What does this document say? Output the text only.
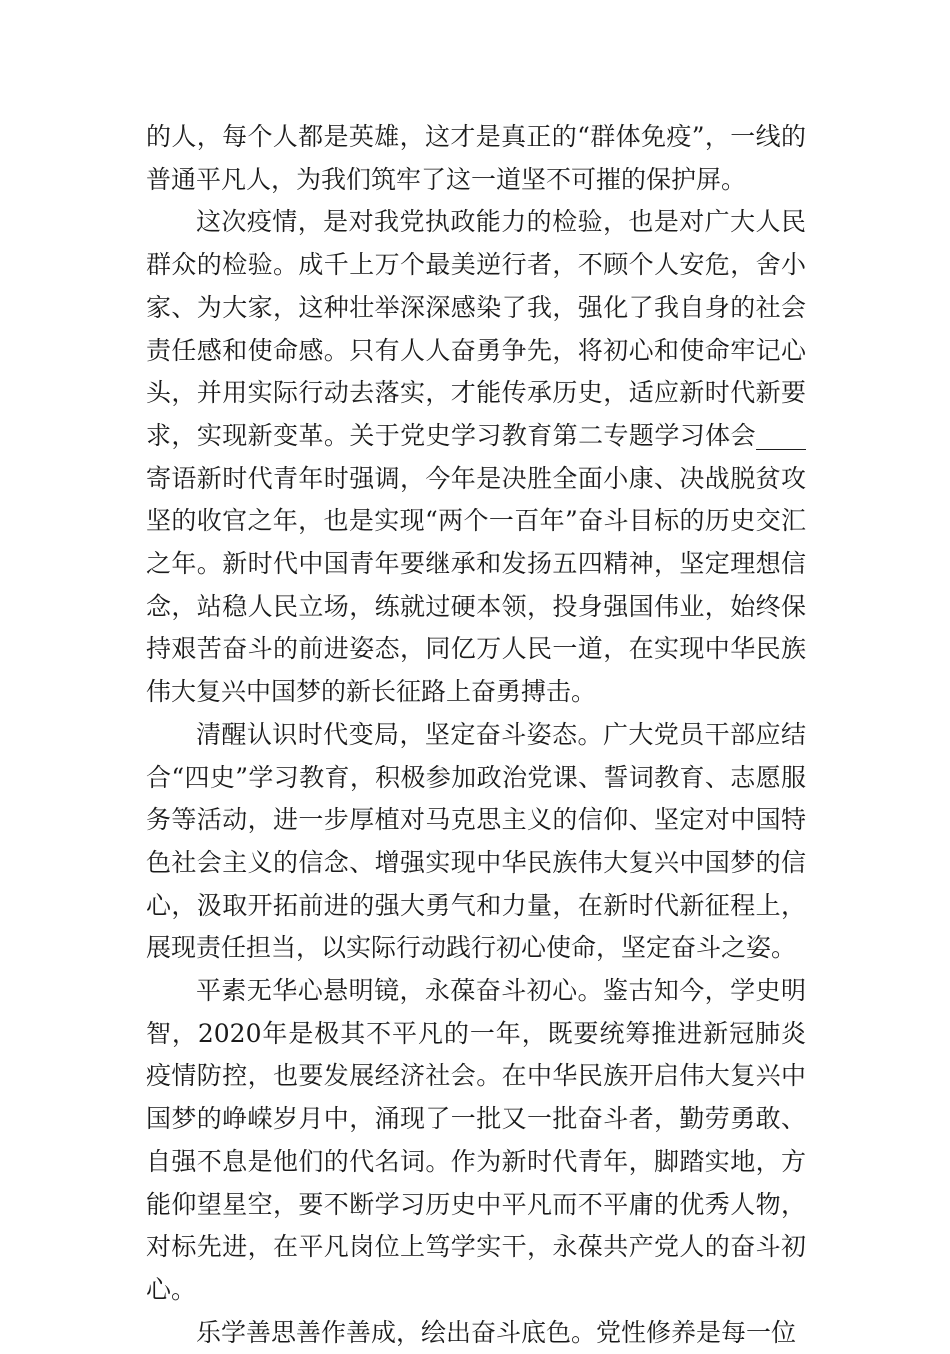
的人，每个人都是英雄，这才是真正的“群体免疫”，一线的普通平凡人，为我们筑牢了这一道坚不可摧的保护屏。

这次疫情，是对我党执政能力的检验，也是对广大人民群众的检验。成千上万个最美逆行者，不顾个人安危，舍小家、为大家，这种壮举深深感染了我，强化了我自身的社会责任感和使命感。只有人人奋勇争先，将初心和使命牢记心头，并用实际行动去落实，才能传承历史，适应新时代新要求，实现新变革。关于党史学习教育第二专题学习体会____寄语新时代青年时强调，今年是决胜全面小康、决战脱贫攻坚的收官之年，也是实现“两个一百年”奋斗目标的历史交汇之年。新时代中国青年要继承和发扬五四精神，坚定理想信念，站稳人民立场，练就过硬本领，投身强国伟业，始终保持艰苦奋斗的前进姿态，同亿万人民一道，在实现中华民族伟大复兴中国梦的新长征路上奋勇搏击。

清醒认识时代变局，坚定奋斗姿态。广大党员干部应结合“四史”学习教育，积极参加政治党课、誓词教育、志愿服务等活动，进一步厚植对马克思主义的信仰、坚定对中国特色社会主义的信念、增强实现中华民族伟大复兴中国梦的信心，汲取开拓前进的强大勇气和力量，在新时代新征程上，展现责任担当，以实际行动践行初心使命，坚定奋斗之姿。

平素无华心悬明镜，永葆奋斗初心。鉴古知今，学史明智，2020年是极其不平凡的一年，既要统筹推进新冠肺炎疫情防控，也要发展经济社会。在中华民族开启伟大复兴中国梦的峥嵘岁月中，涌现了一批又一批奋斗者，勤劳勇敢、自强不息是他们的代名词。作为新时代青年，脚踏实地，方能仰望星空，要不断学习历史中平凡而不平庸的优秀人物，对标先进，在平凡岗位上笃学实干，永葆共产党人的奋斗初心。

乐学善思善作善成，绘出奋斗底色。党性修养是每一位
